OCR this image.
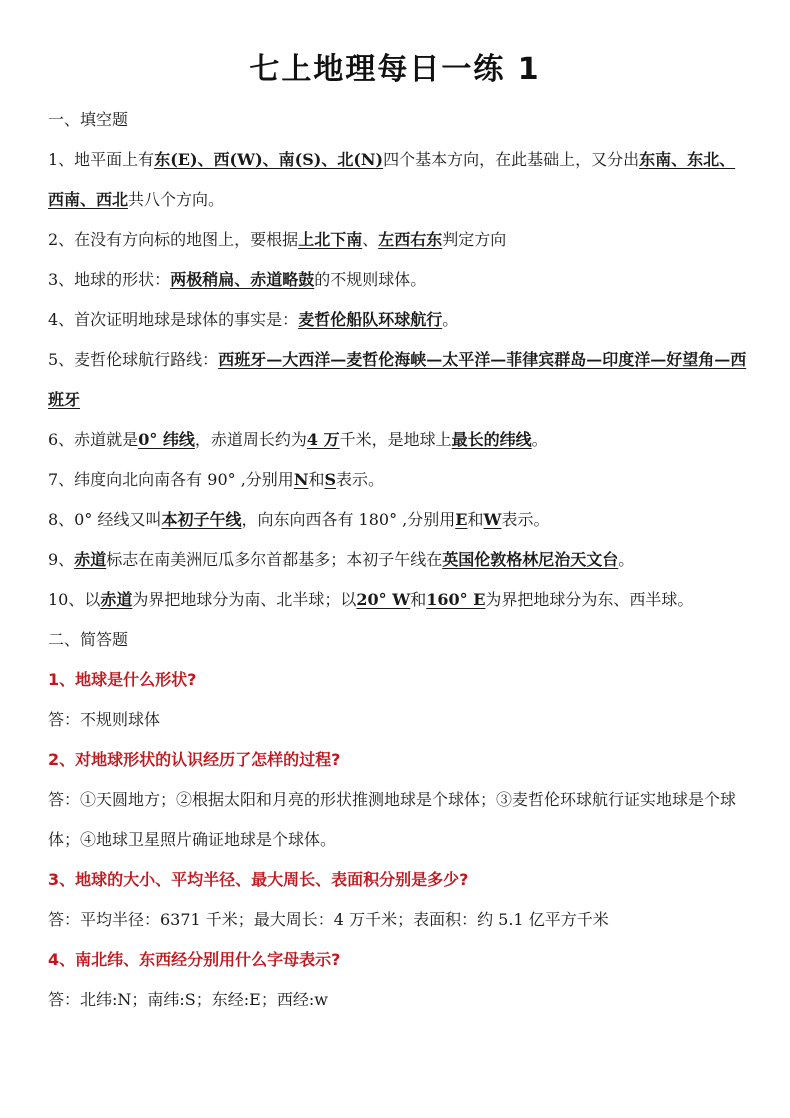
七上地理每日一练 1

一、填空题

1、地平面上有东(E)、西(W)、南(S)、北(N)四个基本方向，在此基础上，又分出东南、东北、西南、西北共八个方向。

2、在没有方向标的地图上，要根据上北下南、左西右东判定方向

3、地球的形状：两极稍扁、赤道略鼓的不规则球体。

4、首次证明地球是球体的事实是：麦哲伦船队环球航行。

5、麦哲伦球航行路线：西班牙—大西洋—麦哲伦海峡—太平洋—菲律宾群岛—印度洋—好望角—西班牙

6、赤道就是0° 纬线，赤道周长约为4 万千米，是地球上最长的纬线。

7、纬度向北向南各有 90° ,分别用N和S表示。

8、0° 经线又叫本初子午线，向东向西各有 180° ,分别用E和W表示。

9、赤道标志在南美洲厄瓜多尔首都基多；本初子午线在英国伦敦格林尼治天文台。

10、以赤道为界把地球分为南、北半球；以20° W和160° E为界把地球分为东、西半球。

二、简答题

1、地球是什么形状?

答：不规则球体

2、对地球形状的认识经历了怎样的过程?

答：①天圆地方；②根据太阳和月亮的形状推测地球是个球体；③麦哲伦环球航行证实地球是个球体；④地球卫星照片确证地球是个球体。

3、地球的大小、平均半径、最大周长、表面积分别是多少?

答：平均半径：6371 千米；最大周长：4 万千米；表面积：约 5.1 亿平方千米

4、南北纬、东西经分别用什么字母表示?

答：北纬:N；南纬:S；东经:E；西经:w
